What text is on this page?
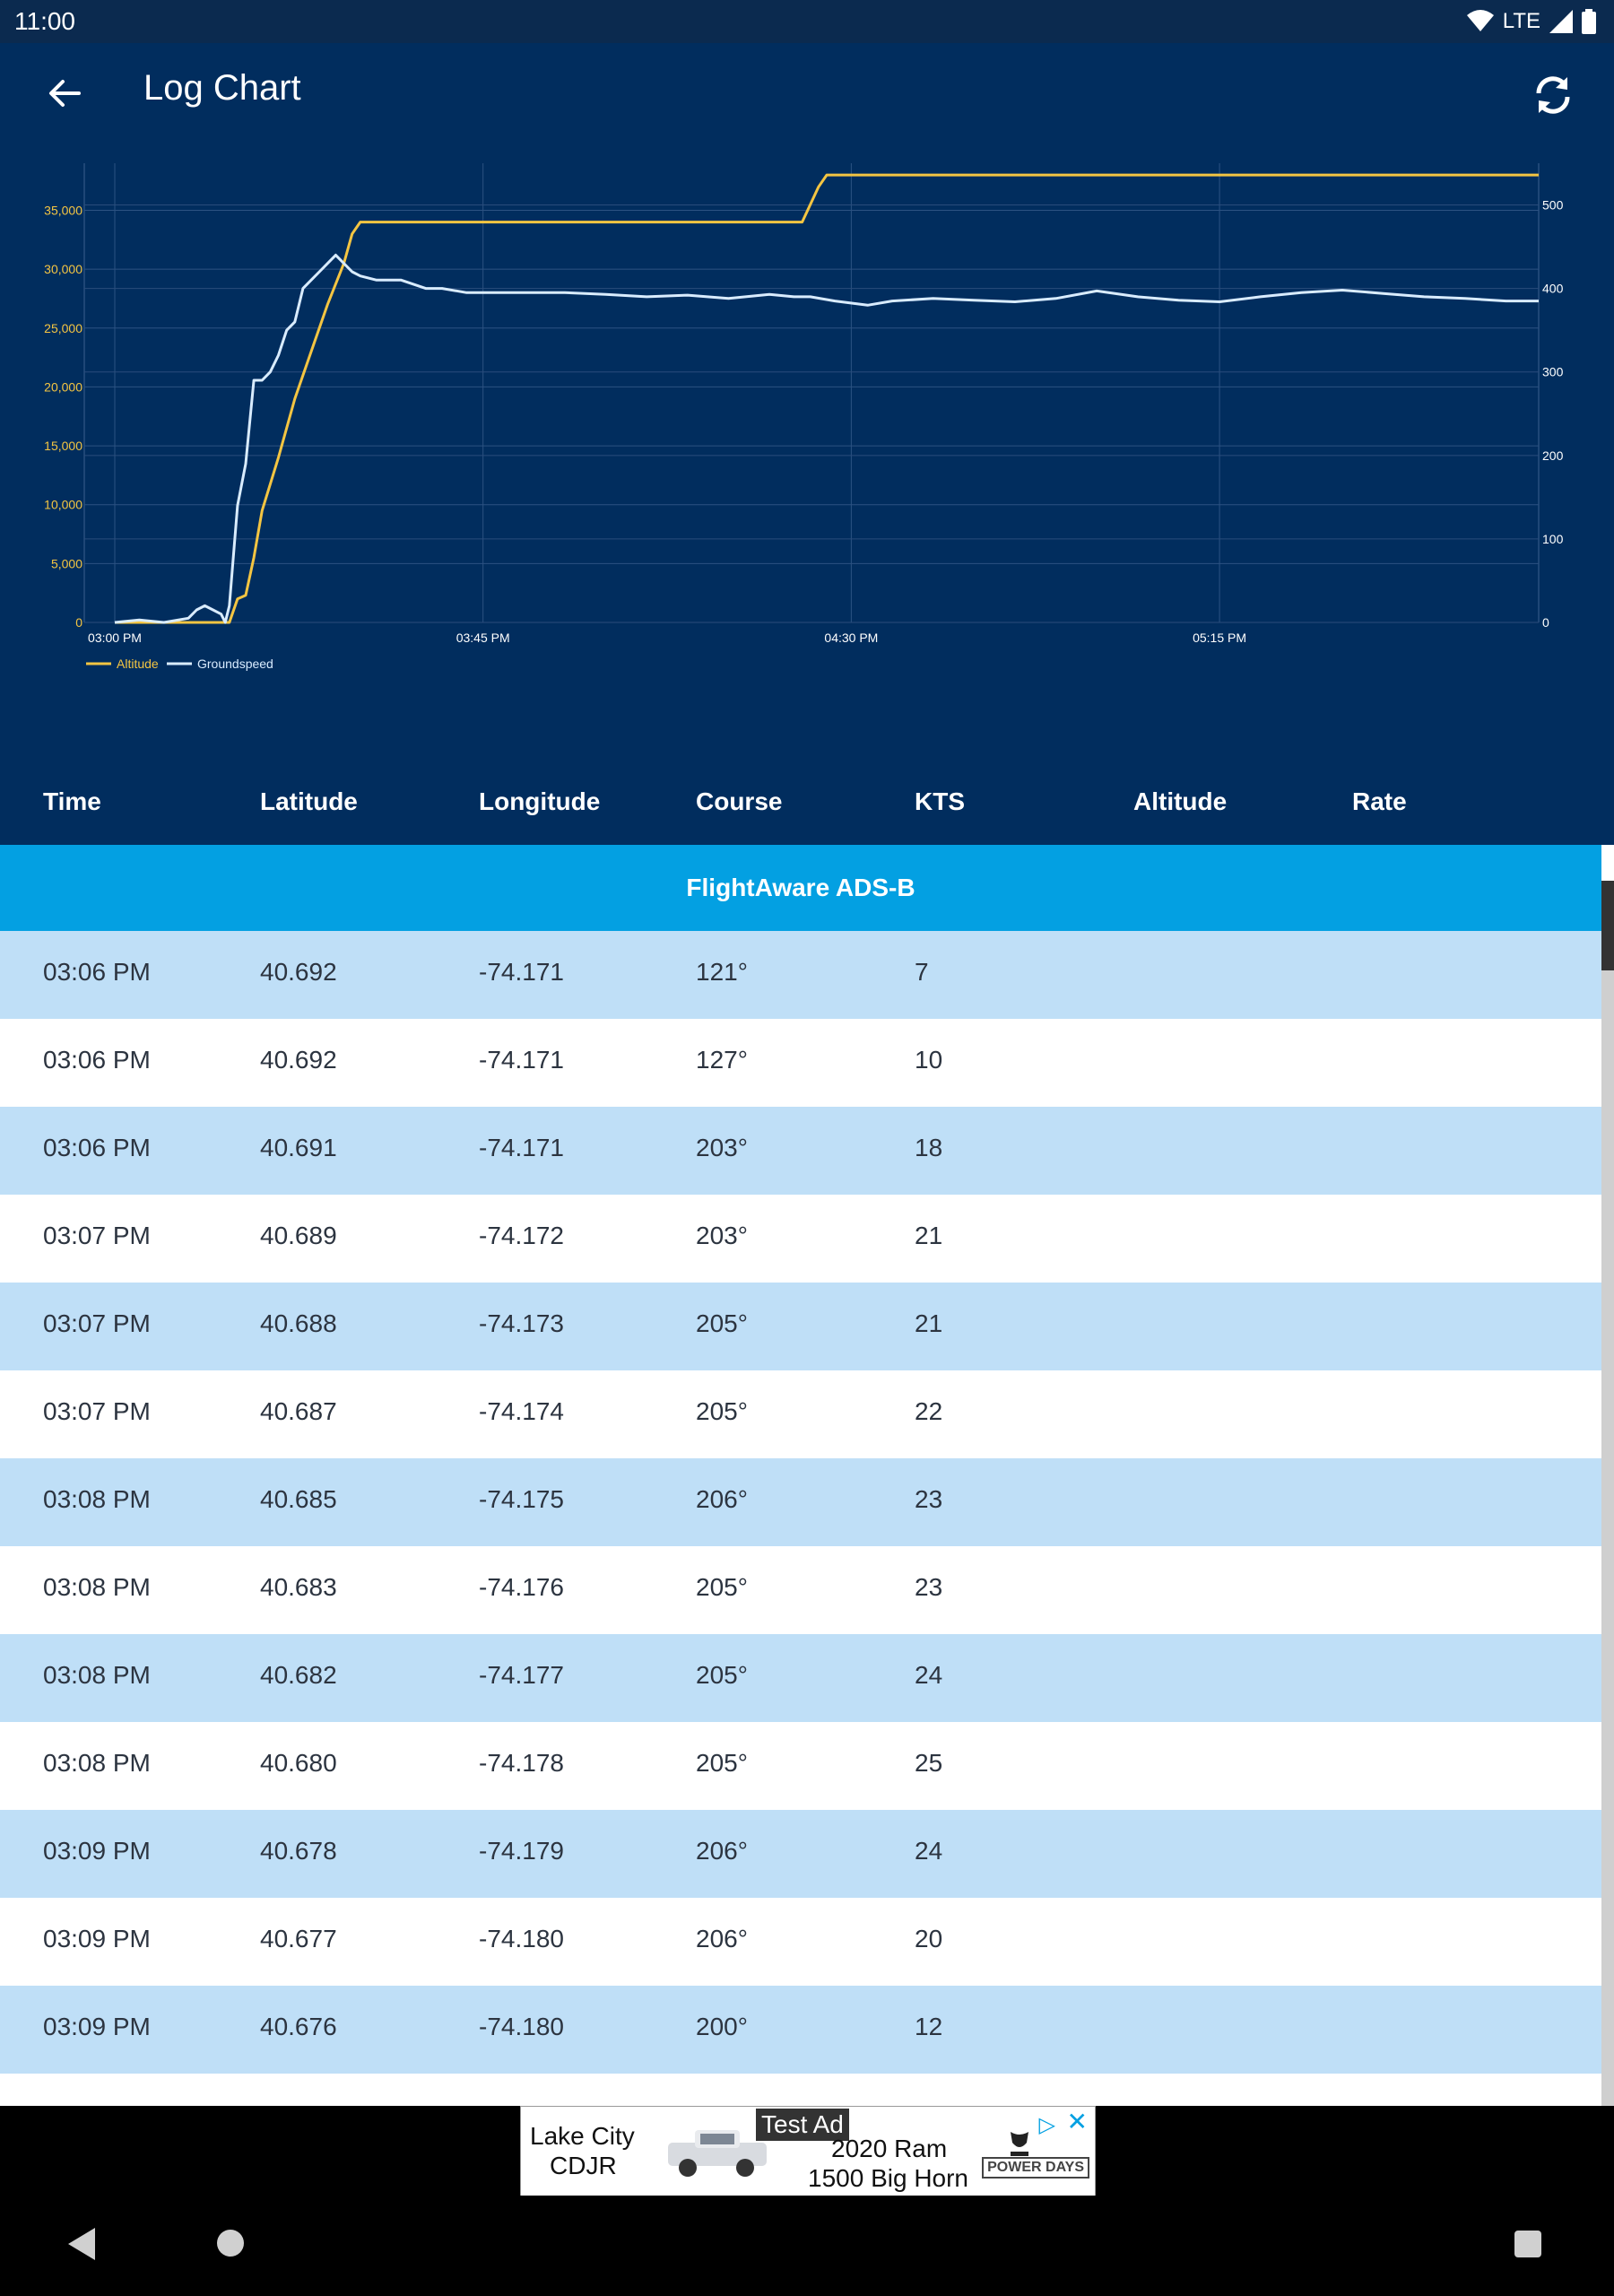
11:00	LTE
Log Chart
03:00 PM	03:45 PM	04:30 PM	05:15 PM
0
5,000
10,000
15,000
20,000
25,000
30,000
35,000
0
100
200
300
400
500
Altitude	Groundspeed
Time	Latitude	Longitude	Course	KTS	Altitude	Rate
FlightAware ADS-B
03:06 PM	40.692	-74.171	121°	7
03:06 PM	40.692	-74.171	127°	10
03:06 PM	40.691	-74.171	203°	18
03:07 PM	40.689	-74.172	203°	21
03:07 PM	40.688	-74.173	205°	21
03:07 PM	40.687	-74.174	205°	22
03:08 PM	40.685	-74.175	206°	23
03:08 PM	40.683	-74.176	205°	23
03:08 PM	40.682	-74.177	205°	24
03:08 PM	40.680	-74.178	205°	25
03:09 PM	40.678	-74.179	206°	24
03:09 PM	40.677	-74.180	206°	20
03:09 PM	40.676	-74.180	200°	12
Lake City
CDJR
Test Ad
2020 Ram
1500 Big Horn
▷ ✕
POWER DAYS
